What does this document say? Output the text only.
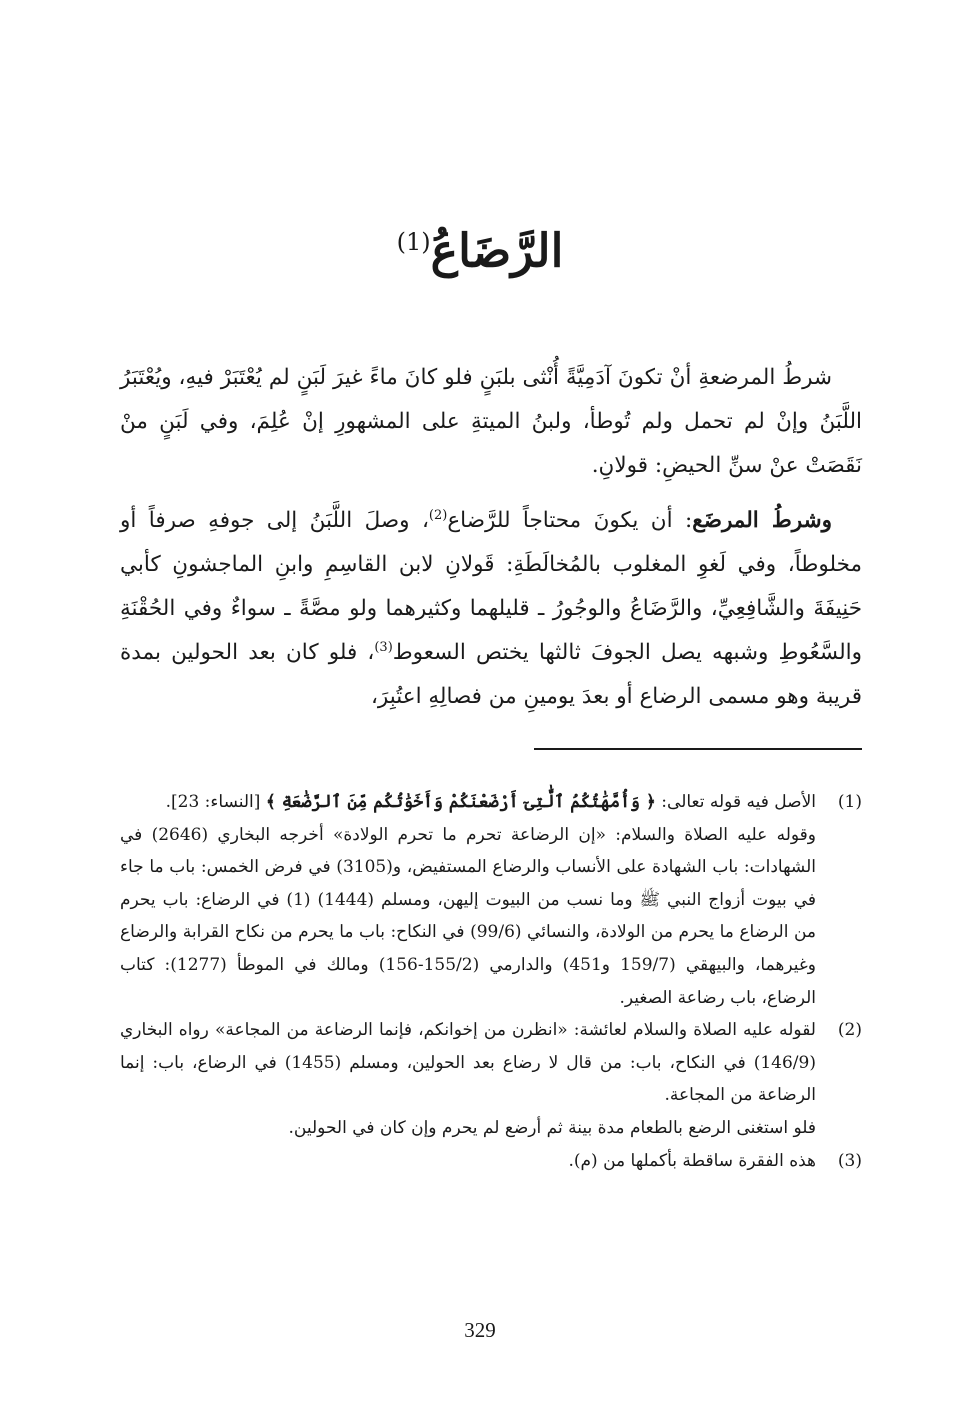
الرَّضَاعُ$^{(1)}$

شرطُ المرضعةِ أنْ تكونَ آدَمِيَّةً أُنْثى بلبَنٍ فلو كانَ ماءً غيرَ لَبَنٍ لم يُعْتَبَرْ فيهِ، ويُعْتَبَرُ اللَّبَنُ وإنْ لم تحمل ولم تُوطأ، ولبنُ الميتةِ على المشهورِ إنْ عُلِمَ، وفي لَبَنٍ منْ نَقَصَتْ عنْ سنِّ الحيضِ: قولانِ.

وشرطُ المرضَع: أن يكونَ محتاجاً للرَّضاع$^{(2)}$، وصلَ اللَّبَنُ إلى جوفهِ صرفاً أو مخلوطاً، وفي لَغوِ المغلوب بالمُخالَطَةِ: قَولانِ لابن القاسِمِ وابنِ الماجشونِ كأبي حَنِيفَةَ والشَّافِعِيِّ، والرَّضَاعُ والوجُورُ ـ قليلهما وكثيرهما ولو مصَّةً ـ سواءٌ وفي الحُقْنَةِ والسَّعُوطِ وشبهه يصل الجوفَ ثالثها يختص السعوط$^{(3)}$، فلو كان بعد الحولين بمدة قريبة وهو مسمى الرضاع أو بعدَ يومينِ من فصالِهِ اعتُبِرَ،

(1)
الأصل فيه قوله تعالى: ﴿ وَأُمَّهَٰتُكُمُ ٱلَّٰتِىٓ أَرْضَعْنَكُمْ وَأَخَوَٰتُكُم مِّنَ ٱلرَّضَٰعَةِ ﴾ [النساء: 23].
وقوله عليه الصلاة والسلام: «إن الرضاعة تحرم ما تحرم الولادة» أخرجه البخاري (2646) في الشهادات: باب الشهادة على الأنساب والرضاع المستفيض، و(3105) في فرض الخمس: باب ما جاء في بيوت أزواج النبي ﷺ وما نسب من البيوت إليهن، ومسلم (1444) (1) في الرضاع: باب يحرم من الرضاع ما يحرم من الولادة، والنسائي (99/6) في النكاح: باب ما يحرم من نكاح القرابة والرضاع وغيرهما، والبيهقي (159/7 و451) والدارمي (155/2-156) ومالك في الموطأ (1277): كتاب الرضاع، باب رضاعة الصغير.
(2)
لقوله عليه الصلاة والسلام لعائشة: «انظرن من إخوانكم، فإنما الرضاعة من المجاعة» رواه البخاري (146/9) في النكاح، باب: من قال لا رضاع بعد الحولين، ومسلم (1455) في الرضاع، باب: إنما الرضاعة من المجاعة.
فلو استغنى الرضع بالطعام مدة بينة ثم أرضع لم يحرم وإن كان في الحولين.
(3)
هذه الفقرة ساقطة بأكملها من (م).
329
